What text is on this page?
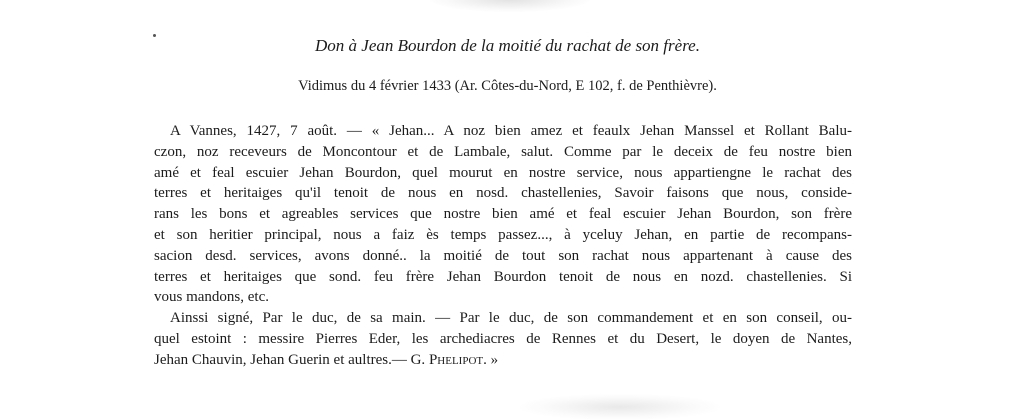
Don à Jean Bourdon de la moitié du rachat de son frère.
Vidimus du 4 février 1433 (Ar. Côtes-du-Nord, E 102, f. de Penthièvre).
A Vannes, 1427, 7 août. — « Jehan... A noz bien amez et feaulx Jehan Manssel et Rollant Balu-
czon, noz receveurs de Moncontour et de Lambale, salut. Comme par le deceix de feu nostre bien
amé et feal escuier Jehan Bourdon, quel mourut en nostre service, nous appartiengne le rachat des
terres et heritaiges qu'il tenoit de nous en nosd. chastellenies, Savoir faisons que nous, conside-
rans les bons et agreables services que nostre bien amé et feal escuier Jehan Bourdon, son frère
et son heritier principal, nous a faiz ès temps passez..., à yceluy Jehan, en partie de recompans-
sacion desd. services, avons donné.. la moitié de tout son rachat nous appartenant à cause des
terres et heritaiges que sond. feu frère Jehan Bourdon tenoit de nous en nozd. chastellenies. Si
vous mandons, etc.
Ainssi signé, Par le duc, de sa main. — Par le duc, de son commandement et en son conseil, ou-
quel estoint : messire Pierres Eder, les archediacres de Rennes et du Desert, le doyen de Nantes,
Jehan Chauvin, Jehan Guerin et aultres.— G. Phelipot. »
